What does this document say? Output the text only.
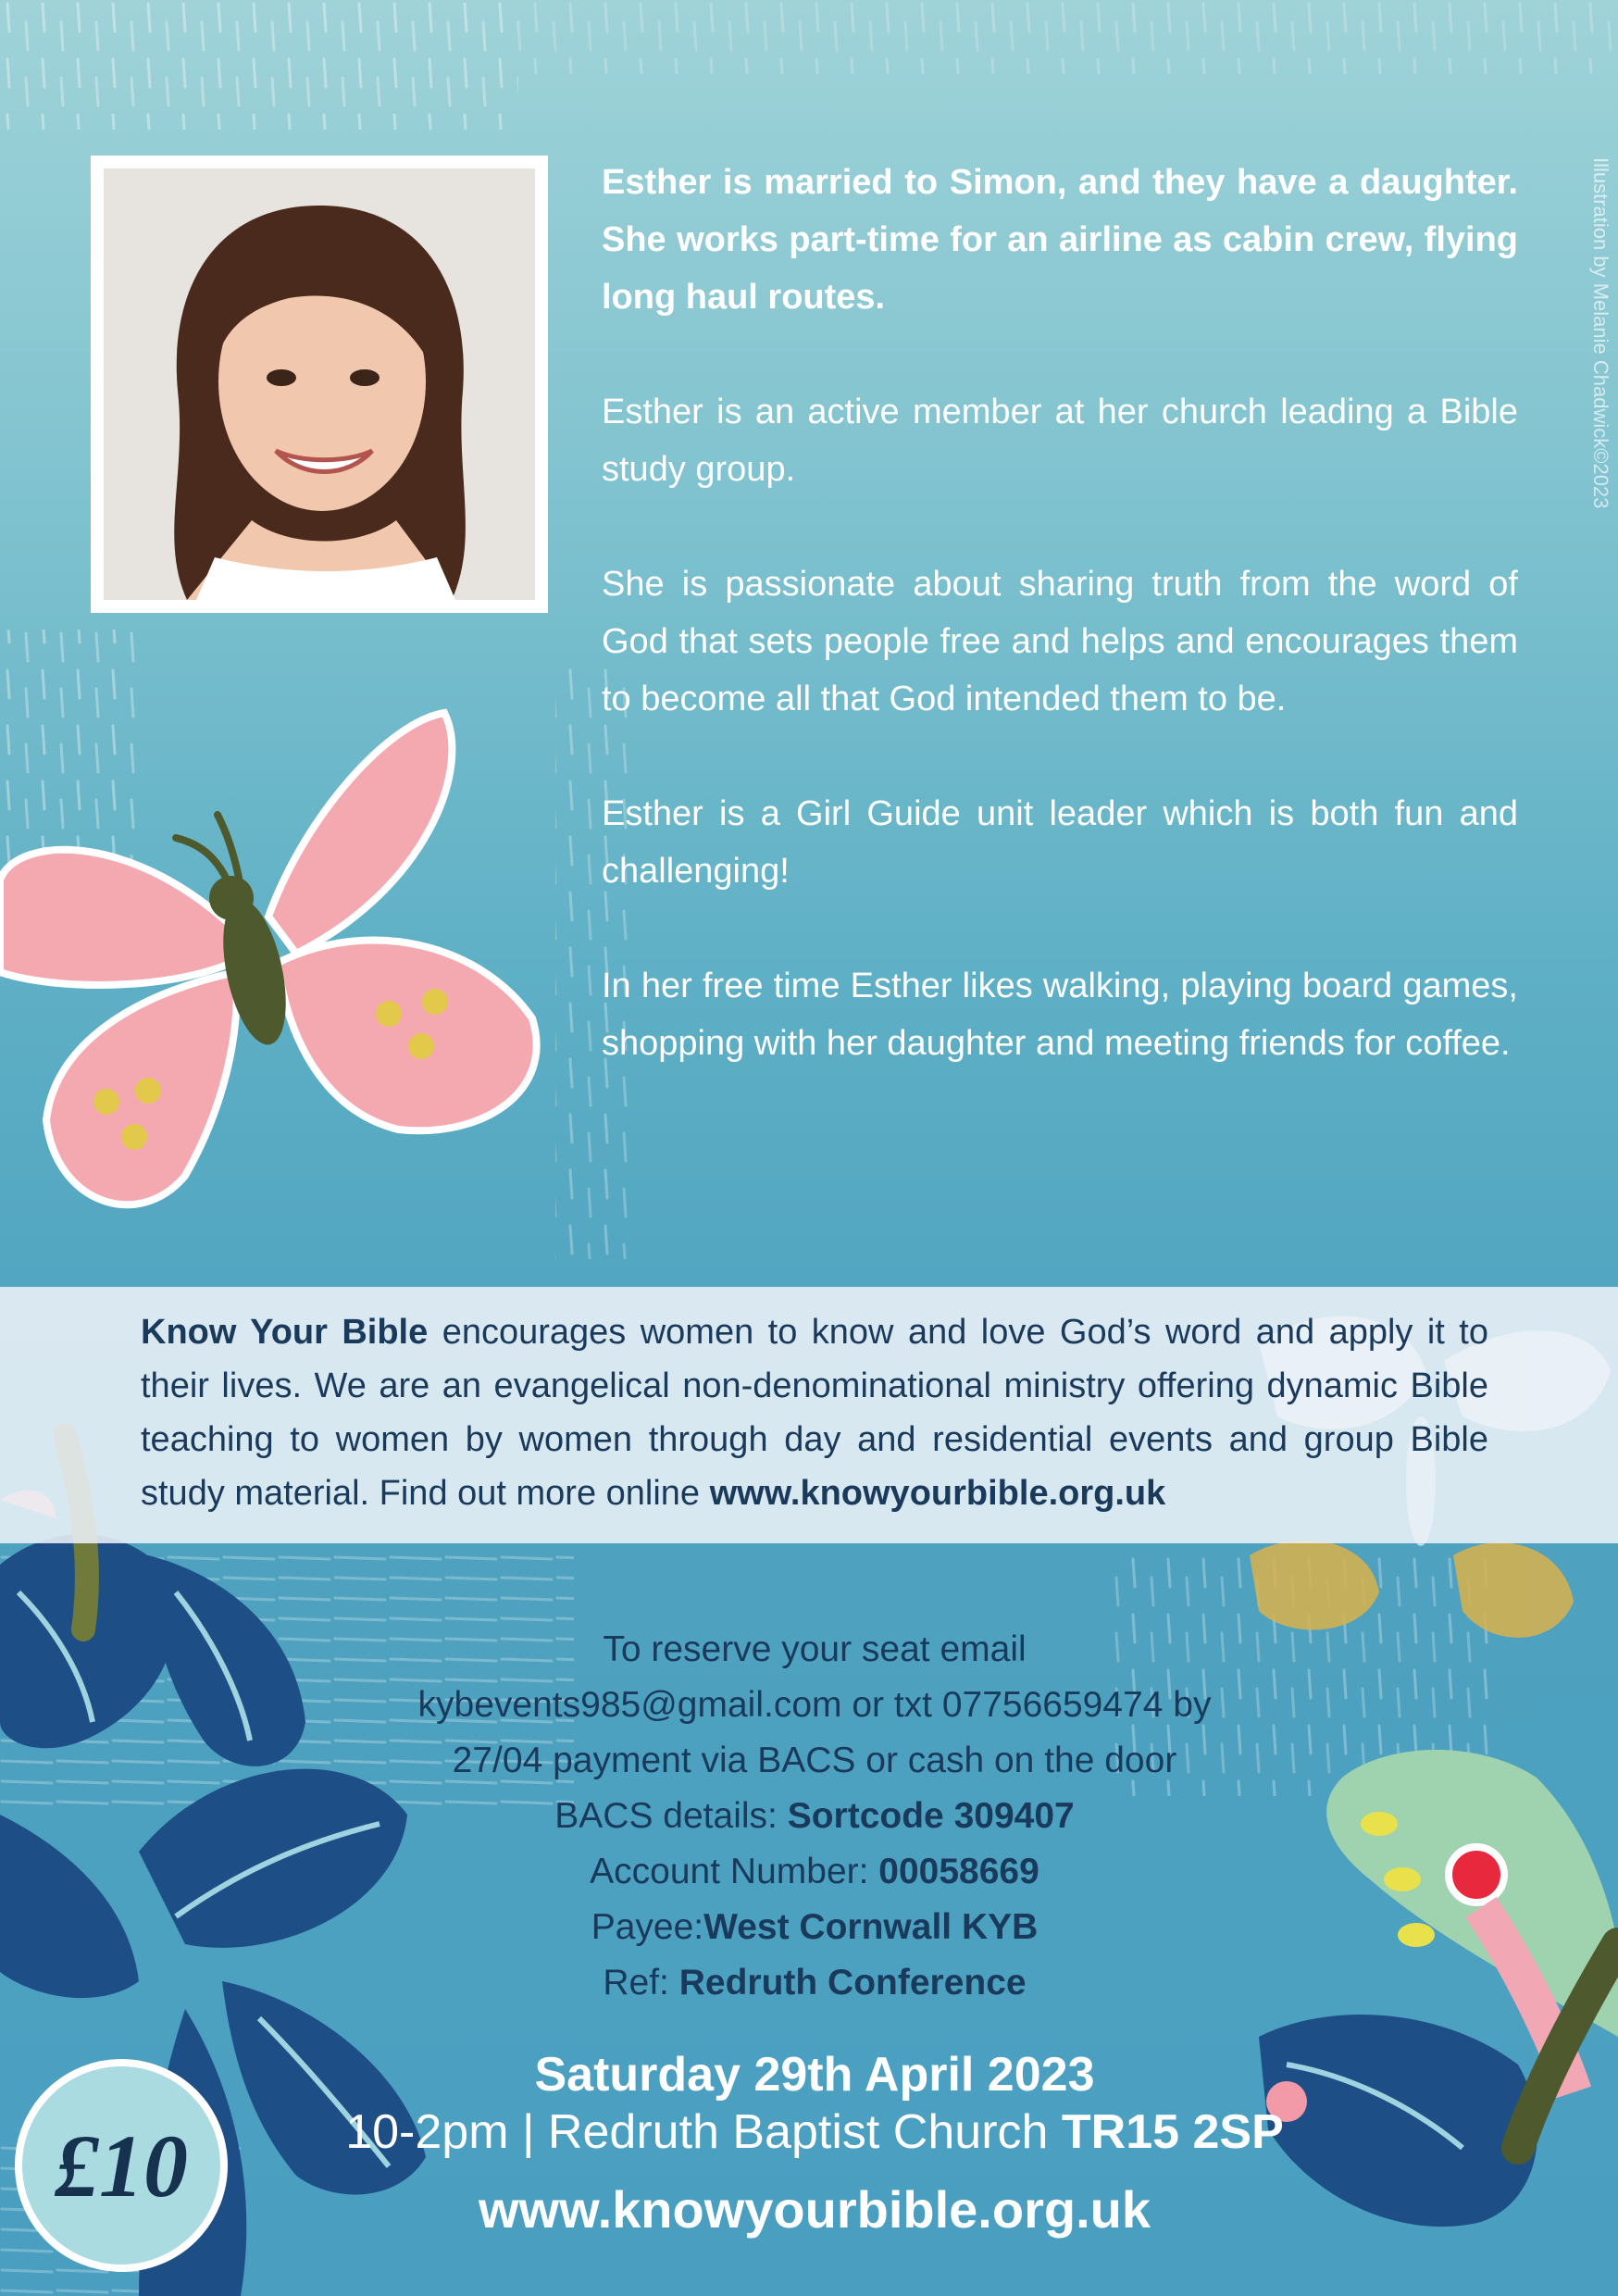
Illustration by Melanie Chadwick©2023

Esther is married to Simon, and they have a daughter. She works part-time for an airline as cabin crew, flying long haul routes.

Esther is an active member at her church leading a Bible study group.

She is passionate about sharing truth from the word of God that sets people free and helps and encourages them to become all that God intended them to be.

Esther is a Girl Guide unit leader which is both fun and challenging!

In her free time Esther likes walking, playing board games, shopping with her daughter and meeting friends for coffee.

Know Your Bible encourages women to know and love God’s word and apply it to their lives. We are an evangelical non-denominational ministry offering dynamic Bible teaching to women by women through day and residential events and group Bible study material. Find out more online www.knowyourbible.org.uk
To reserve your seat email
kybevents985@gmail.com or txt 07756659474 by
27/04 payment via BACS or cash on the door
BACS details: Sortcode 309407
Account Number: 00058669
Payee:West Cornwall KYB
Ref: Redruth Conference
Saturday 29th April 2023
10-2pm | Redruth Baptist Church TR15 2SP
www.knowyourbible.org.uk
£10
